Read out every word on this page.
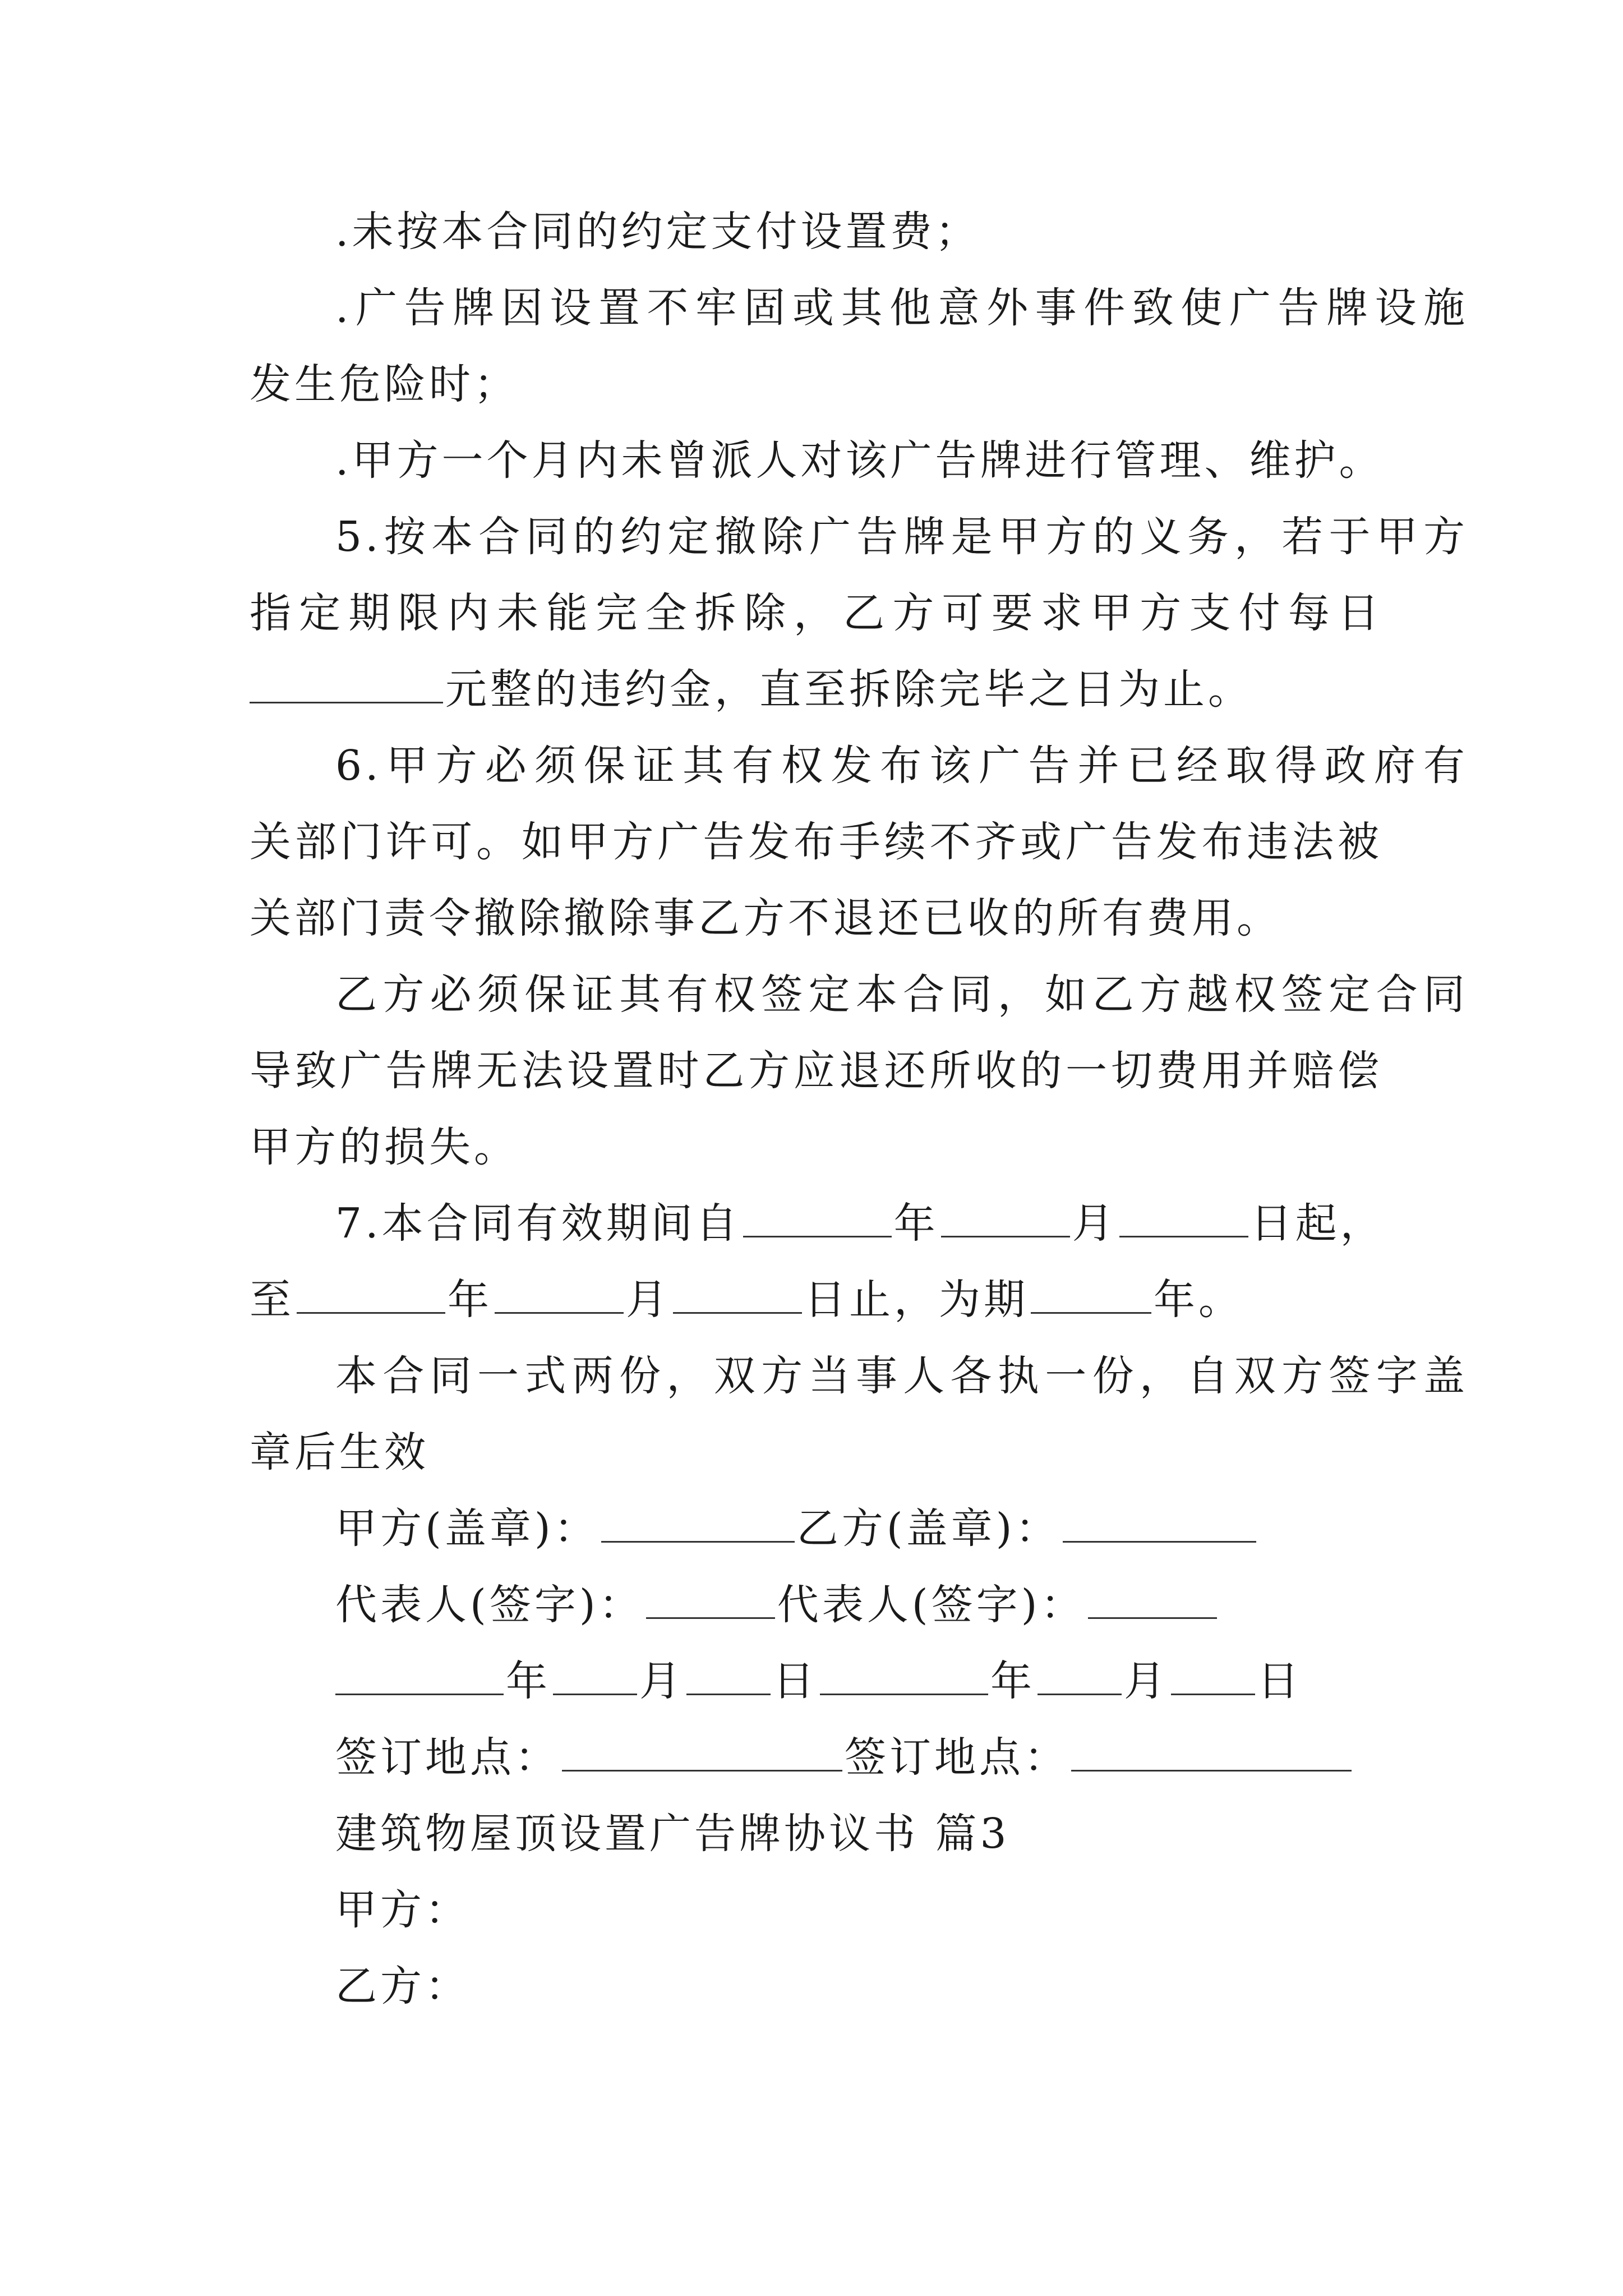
.未按本合同的约定支付设置费；
.广告牌因设置不牢固或其他意外事件致使广告牌设施
发生危险时；
.甲方一个月内未曾派人对该广告牌进行管理、维护。
5.按本合同的约定撤除广告牌是甲方的义务，若于甲方
指定期限内未能完全拆除，乙方可要求甲方支付每日
元整的违约金，直至拆除完毕之日为止。
6.甲方必须保证其有权发布该广告并已经取得政府有
关部门许可。如甲方广告发布手续不齐或广告发布违法被
关部门责令撤除撤除事乙方不退还已收的所有费用。
乙方必须保证其有权签定本合同，如乙方越权签定合同
导致广告牌无法设置时乙方应退还所收的一切费用并赔偿
甲方的损失。
7.本合同有效期间自	年	月	日起，
至	年	月	日止，为期	年。
本合同一式两份，双方当事人各执一份，自双方签字盖
章后生效
甲方(盖章)：	乙方(盖章)：
代表人(签字)：	代表人(签字)：
年 月 日	年 月 日
签订地点：	签订地点：
建筑物屋顶设置广告牌协议书 篇3
甲方：
乙方：
